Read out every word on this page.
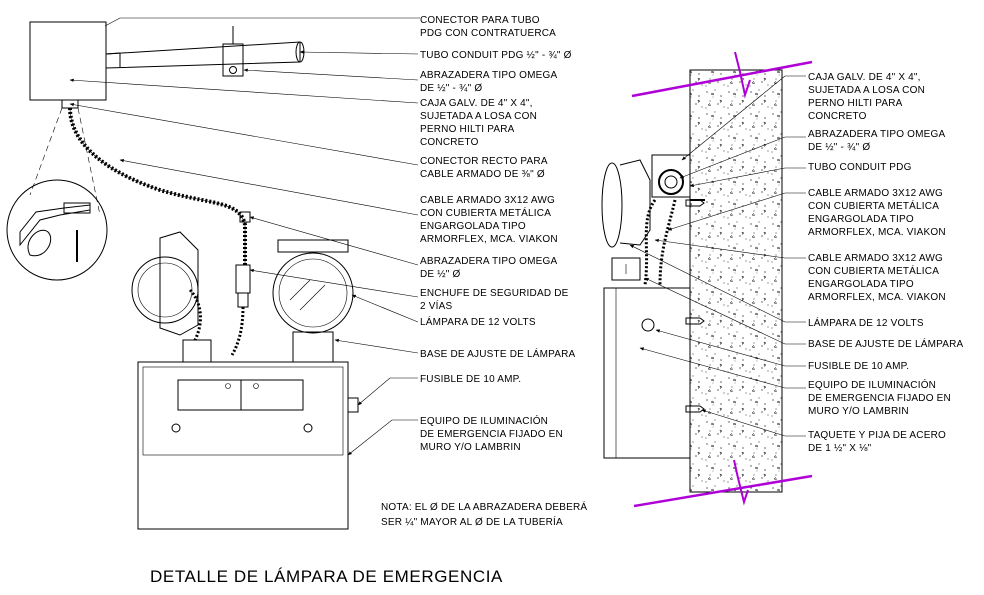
CONECTOR PARA TUBO
PDG CON CONTRATUERCA
TUBO CONDUIT PDG ½" - ¾" Ø
ABRAZADERA TIPO OMEGA
DE ½" - ¾" Ø
CAJA GALV. DE 4" X 4",
SUJETADA A LOSA CON
PERNO HILTI PARA
CONCRETO
CONECTOR RECTO PARA
CABLE ARMADO DE ⅜" Ø
CABLE ARMADO 3X12 AWG
CON CUBIERTA METÁLICA
ENGARGOLADA TIPO
ARMORFLEX, MCA. VIAKON
ABRAZADERA TIPO OMEGA
DE ½" Ø
ENCHUFE DE SEGURIDAD DE
2 VÍAS
LÁMPARA DE 12 VOLTS
BASE DE AJUSTE DE LÁMPARA
FUSIBLE DE 10 AMP.
EQUIPO DE ILUMINACIÓN
DE EMERGENCIA FIJADO EN
MURO Y/O LAMBRIN
NOTA: EL Ø DE LA ABRAZADERA DEBERÁ
SER ¼" MAYOR AL Ø DE LA TUBERÍA
DETALLE DE LÁMPARA DE EMERGENCIA
CAJA GALV. DE 4" X 4",
SUJETADA A LOSA CON
PERNO HILTI PARA
CONCRETO
ABRAZADERA TIPO OMEGA
DE ½" - ¾" Ø
TUBO CONDUIT PDG
CABLE ARMADO 3X12 AWG
CON CUBIERTA METÁLICA
ENGARGOLADA TIPO
ARMORFLEX, MCA. VIAKON
CABLE ARMADO 3X12 AWG
CON CUBIERTA METÁLICA
ENGARGOLADA TIPO
ARMORFLEX, MCA. VIAKON
LÁMPARA DE 12 VOLTS
BASE DE AJUSTE DE LÁMPARA
FUSIBLE DE 10 AMP.
EQUIPO DE ILUMINACIÓN
DE EMERGENCIA FIJADO EN
MURO Y/O LAMBRIN
TAQUETE Y PIJA DE ACERO
DE 1 ½" X ⅛"
